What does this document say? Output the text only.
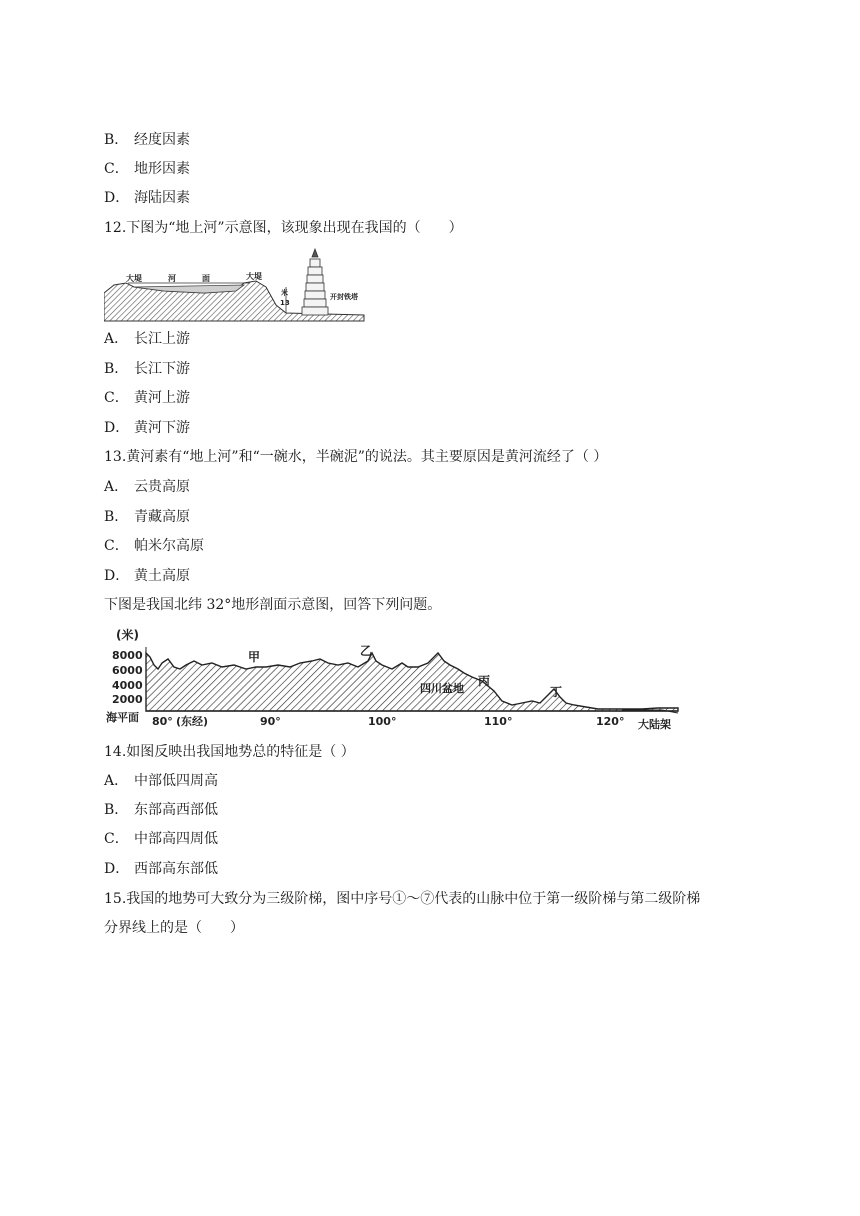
B． 经度因素
C． 地形因素
D． 海陆因素
12.下图为“地上河”示意图，该现象出现在我国的（　　）
大堤	河	面	大堤
米
13
开封铁塔
A． 长江上游
B． 长江下游
C． 黄河上游
D． 黄河下游
13.黄河素有“地上河”和“一碗水，半碗泥”的说法。其主要原因是黄河流经了（ ）
A． 云贵高原
B． 青藏高原
C． 帕米尔高原
D． 黄土高原
下图是我国北纬 32°地形剖面示意图，回答下列问题。
(米)
8000
6000
4000
2000
海平面
甲	乙
丙
丁
四川盆地
大陆架
80° (东经)	90°	100°	110°	120°
14.如图反映出我国地势总的特征是（ ）
A． 中部低四周高
B． 东部高西部低
C． 中部高四周低
D． 西部高东部低
15.我国的地势可大致分为三级阶梯，图中序号①～⑦代表的山脉中位于第一级阶梯与第二级阶梯
分界线上的是（　　）
